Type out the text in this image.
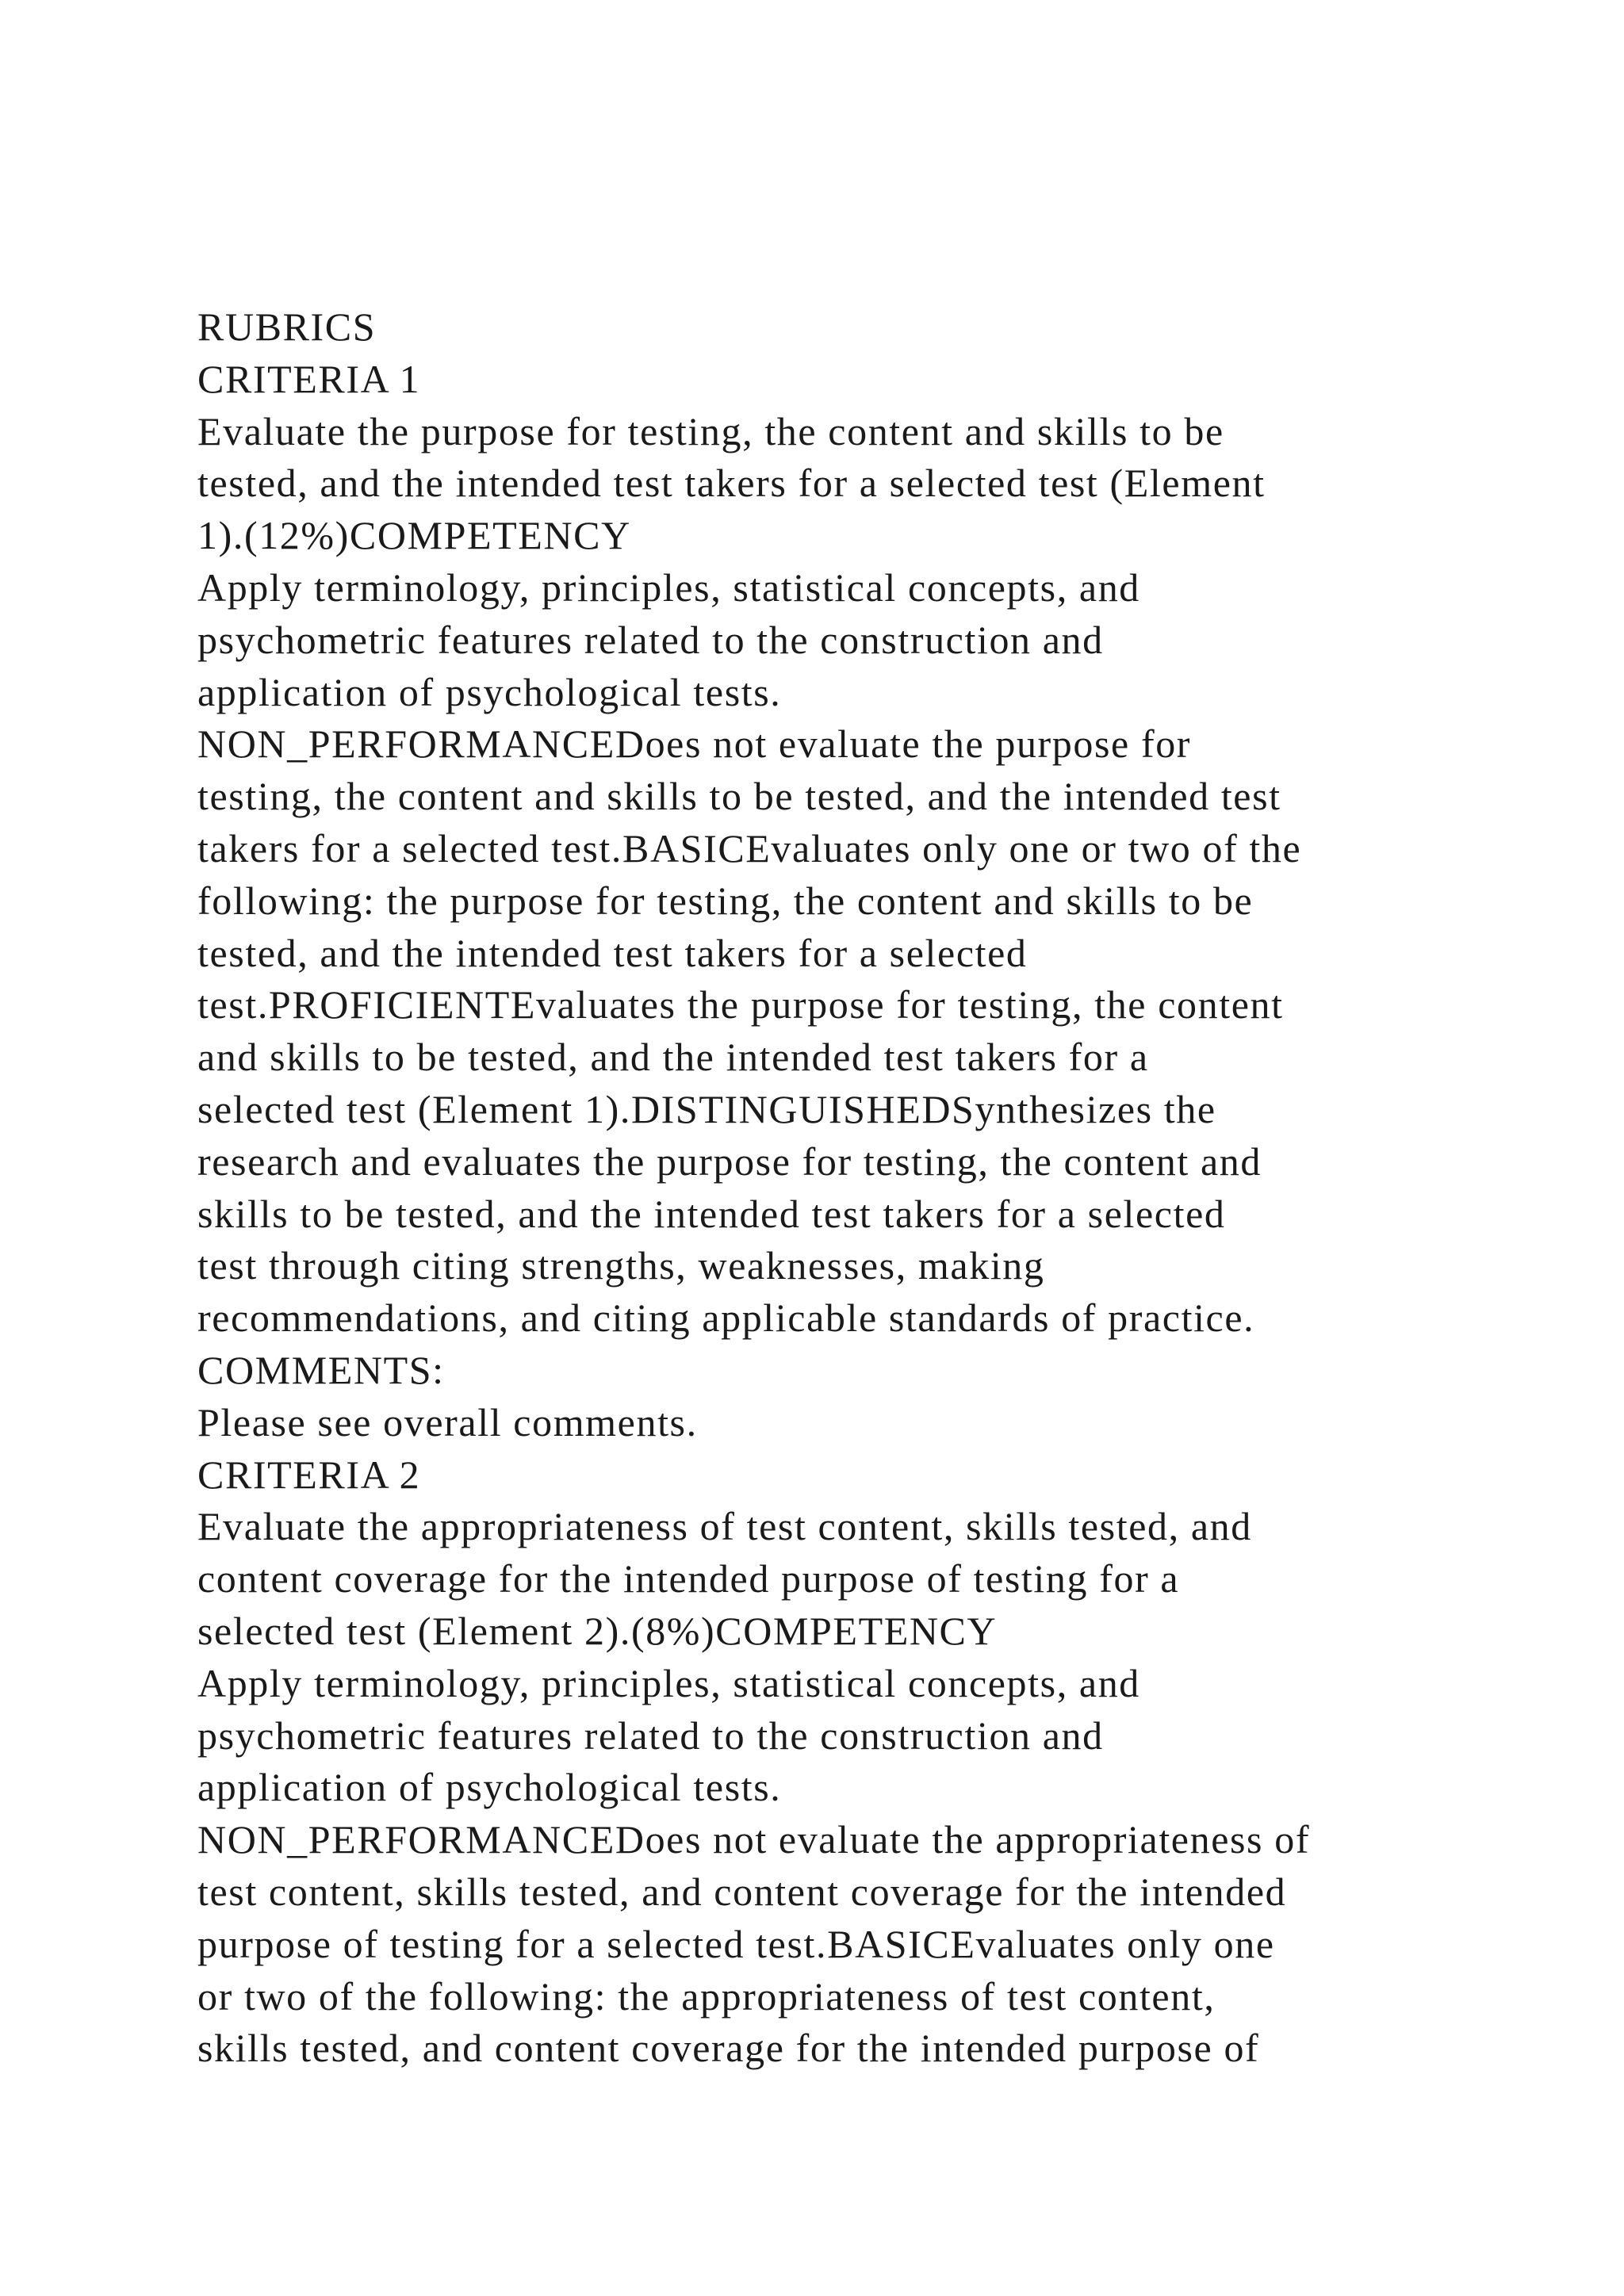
RUBRICS
CRITERIA 1
Evaluate the purpose for testing, the content and skills to be
tested, and the intended test takers for a selected test (Element
1).(12%)COMPETENCY
Apply terminology, principles, statistical concepts, and
psychometric features related to the construction and
application of psychological tests.
NON_PERFORMANCEDoes not evaluate the purpose for
testing, the content and skills to be tested, and the intended test
takers for a selected test.BASICEvaluates only one or two of the
following: the purpose for testing, the content and skills to be
tested, and the intended test takers for a selected
test.PROFICIENTEvaluates the purpose for testing, the content
and skills to be tested, and the intended test takers for a
selected test (Element 1).DISTINGUISHEDSynthesizes the
research and evaluates the purpose for testing, the content and
skills to be tested, and the intended test takers for a selected
test through citing strengths, weaknesses, making
recommendations, and citing applicable standards of practice.
COMMENTS:
Please see overall comments.
CRITERIA 2
Evaluate the appropriateness of test content, skills tested, and
content coverage for the intended purpose of testing for a
selected test (Element 2).(8%)COMPETENCY
Apply terminology, principles, statistical concepts, and
psychometric features related to the construction and
application of psychological tests.
NON_PERFORMANCEDoes not evaluate the appropriateness of
test content, skills tested, and content coverage for the intended
purpose of testing for a selected test.BASICEvaluates only one
or two of the following: the appropriateness of test content,
skills tested, and content coverage for the intended purpose of
